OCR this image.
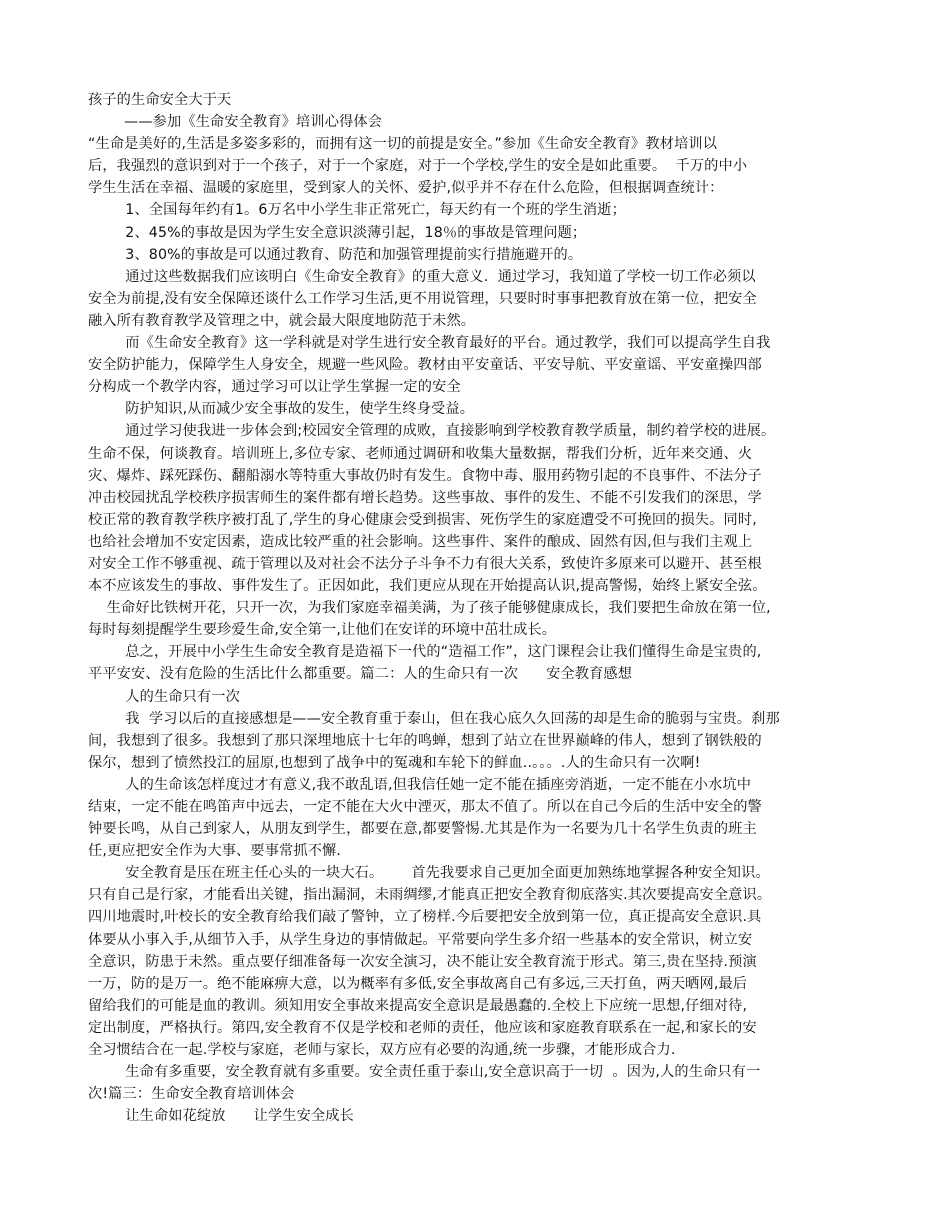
孩子的生命安全大于天
——参加《生命安全教育》培训心得体会
“生命是美好的,生活是多姿多彩的，而拥有这一切的前提是安全。”参加《生命安全教育》教材培训以
后，我强烈的意识到对于一个孩子，对于一个家庭，对于一个学校,学生的安全是如此重要。  千万的中小
学生生活在幸福、温暖的家庭里，受到家人的关怀、爱护,似乎并不存在什么危险，但根据调查统计：
1、全国每年约有1。6万名中小学生非正常死亡，每天约有一个班的学生消逝；
2、45%的事故是因为学生安全意识淡薄引起，18％的事故是管理问题；
3、80%的事故是可以通过教育、防范和加强管理提前实行措施避开的。
通过这些数据我们应该明白《生命安全教育》的重大意义.  通过学习，我知道了学校一切工作必须以
安全为前提,没有安全保障还谈什么工作学习生活,更不用说管理，只要时时事事把教育放在第一位，把安全
融入所有教育教学及管理之中，就会最大限度地防范于未然。
而《生命安全教育》这一学科就是对学生进行安全教育最好的平台。通过教学，我们可以提高学生自我
安全防护能力，保障学生人身安全，规避一些风险。教材由平安童话、平安导航、平安童谣、平安童操四部
分构成一个教学内容，通过学习可以让学生掌握一定的安全
防护知识,从而减少安全事故的发生，使学生终身受益。
通过学习使我进一步体会到;校园安全管理的成败，直接影响到学校教育教学质量，制约着学校的进展。
生命不保，何谈教育。培训班上,多位专家、老师通过调研和收集大量数据，帮我们分析，近年来交通、火
灾、爆炸、踩死踩伤、翻船溺水等特重大事故仍时有发生。食物中毒、服用药物引起的不良事件、不法分子
冲击校园扰乱学校秩序损害师生的案件都有增长趋势。这些事故、事件的发生、不能不引发我们的深思，学
校正常的教育教学秩序被打乱了,学生的身心健康会受到损害、死伤学生的家庭遭受不可挽回的损失。同时,
也给社会增加不安定因素，造成比较严重的社会影响。这些事件、案件的酿成、固然有因,但与我们主观上
对安全工作不够重视、疏于管理以及对社会不法分子斗争不力有很大关系，致使许多原来可以避开、甚至根
本不应该发生的事故、事件发生了。正因如此，我们更应从现在开始提高认识,提高警惕，始终上紧安全弦。
生命好比铁树开花，只开一次，为我们家庭幸福美满，为了孩子能够健康成长，我们要把生命放在第一位,
每时每刻提醒学生要珍爱生命,安全第一,让他们在安详的环境中茁壮成长。
总之，开展中小学生生命安全教育是造福下一代的“造福工作”，这门课程会让我们懂得生命是宝贵的,
平平安安、没有危险的生活比什么都重要。篇二：人的生命只有一次      安全教育感想
人的生命只有一次
我  学习以后的直接感想是——安全教育重于泰山，但在我心底久久回荡的却是生命的脆弱与宝贵。刹那
间，我想到了很多。我想到了那只深埋地底十七年的鸣蝉，想到了站立在世界巅峰的伟人，想到了钢铁般的
保尔，想到了愤然投江的屈原,也想到了战争中的冤魂和车轮下的鲜血..。。。.人的生命只有一次啊!
人的生命该怎样度过才有意义,我不敢乱语,但我信任她一定不能在插座旁消逝，一定不能在小水坑中
结束，一定不能在鸣笛声中远去，一定不能在大火中湮灭，那太不值了。所以在自己今后的生活中安全的警
钟要长鸣，从自己到家人，从朋友到学生，都要在意,都要警惕.尤其是作为一名要为几十名学生负责的班主
任,更应把安全作为大事、要事常抓不懈.
安全教育是压在班主任心头的一块大石。      首先我要求自己更加全面更加熟练地掌握各种安全知识。
只有自己是行家，才能看出关键，指出漏洞，未雨绸缪,才能真正把安全教育彻底落实.其次要提高安全意识。
四川地震时,叶校长的安全教育给我们敲了警钟，立了榜样.今后要把安全放到第一位，真正提高安全意识.具
体要从小事入手,从细节入手，从学生身边的事情做起。平常要向学生多介绍一些基本的安全常识，树立安
全意识，防患于未然。重点要仔细准备每一次安全演习，决不能让安全教育流于形式。第三,贵在坚持.预演
一万，防的是万一。绝不能麻痹大意，以为概率有多低,安全事故离自己有多远,三天打鱼，两天晒网,最后
留给我们的可能是血的教训。须知用安全事故来提高安全意识是最愚蠢的.全校上下应统一思想,仔细对待,
定出制度，严格执行。第四,安全教育不仅是学校和老师的责任，他应该和家庭教育联系在一起,和家长的安
全习惯结合在一起.学校与家庭，老师与家长，双方应有必要的沟通,统一步骤，才能形成合力.
生命有多重要，安全教育就有多重要。安全责任重于泰山,安全意识高于一切  。因为,人的生命只有一
次!篇三：生命安全教育培训体会
让生命如花绽放      让学生安全成长
